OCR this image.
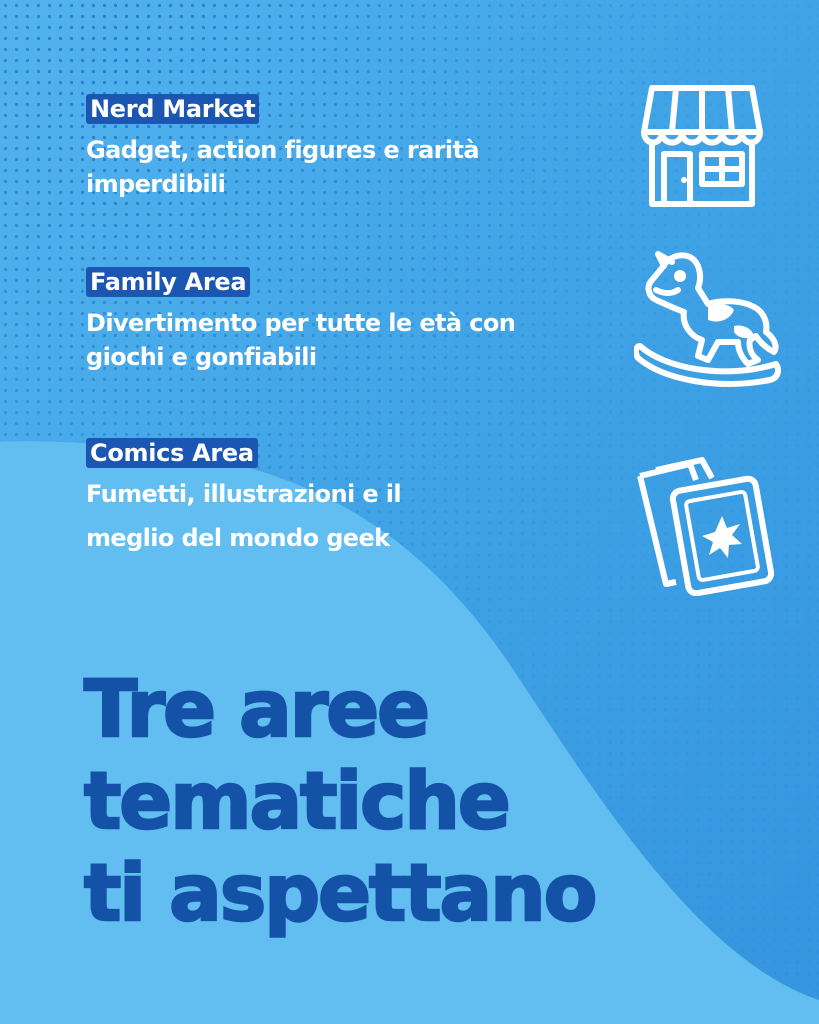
Nerd Market
Gadget, action figures e rarità
imperdibili
Family Area
Divertimento per tutte le età con
giochi e gonfiabili
Comics Area
Fumetti, illustrazioni e il
meglio del mondo geek
Tre aree
tematiche
ti aspettano
